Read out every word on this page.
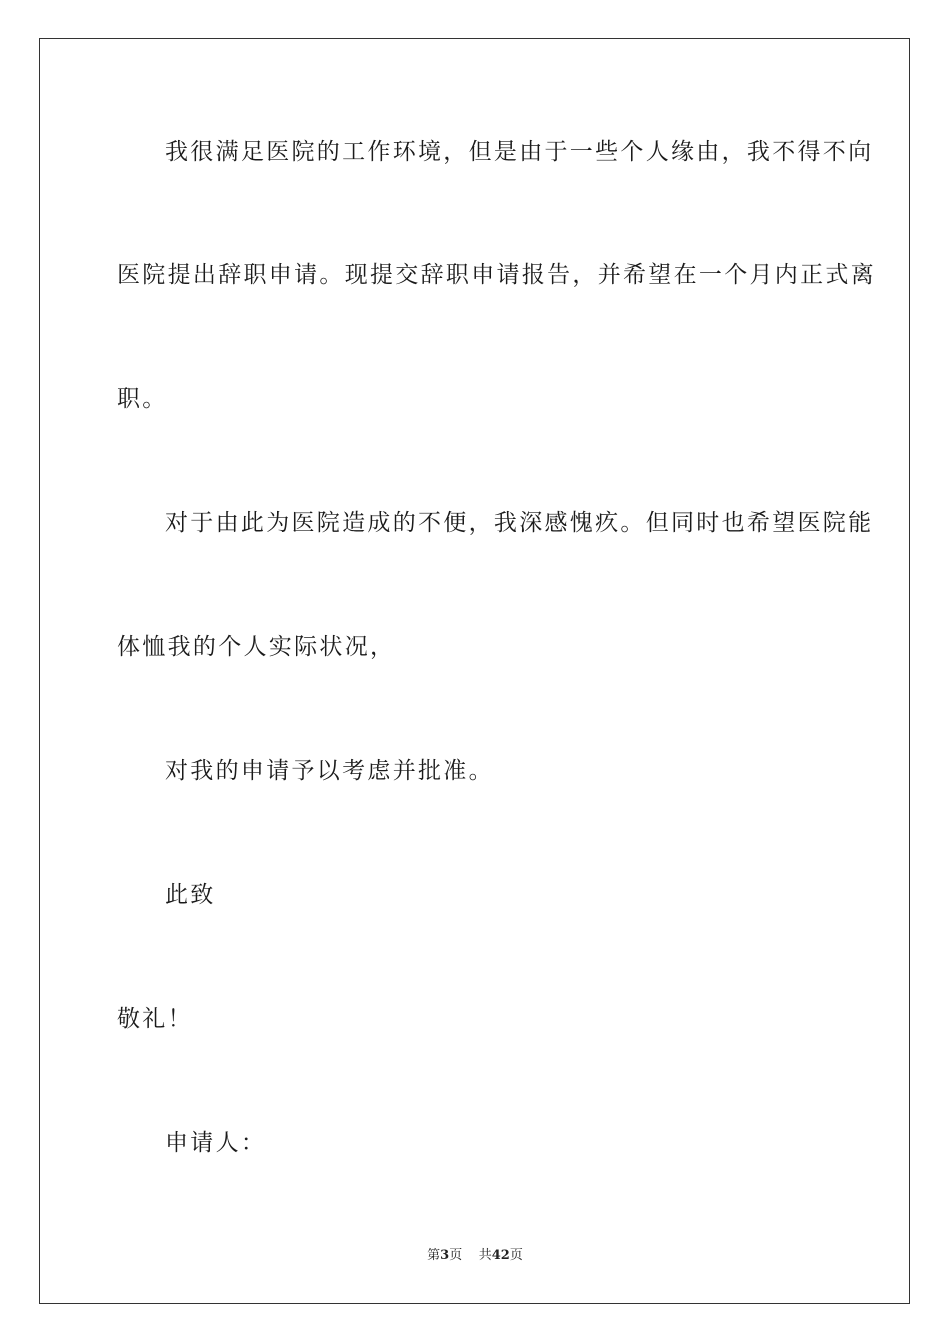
我很满足医院的工作环境，但是由于一些个人缘由，我不得不向
医院提出辞职申请。现提交辞职申请报告，并希望在一个月内正式离
职。
对于由此为医院造成的不便，我深感愧疚。但同时也希望医院能
体恤我的个人实际状况，
对我的申请予以考虑并批准。
此致
敬礼！
申请人：
第3页 共42页
